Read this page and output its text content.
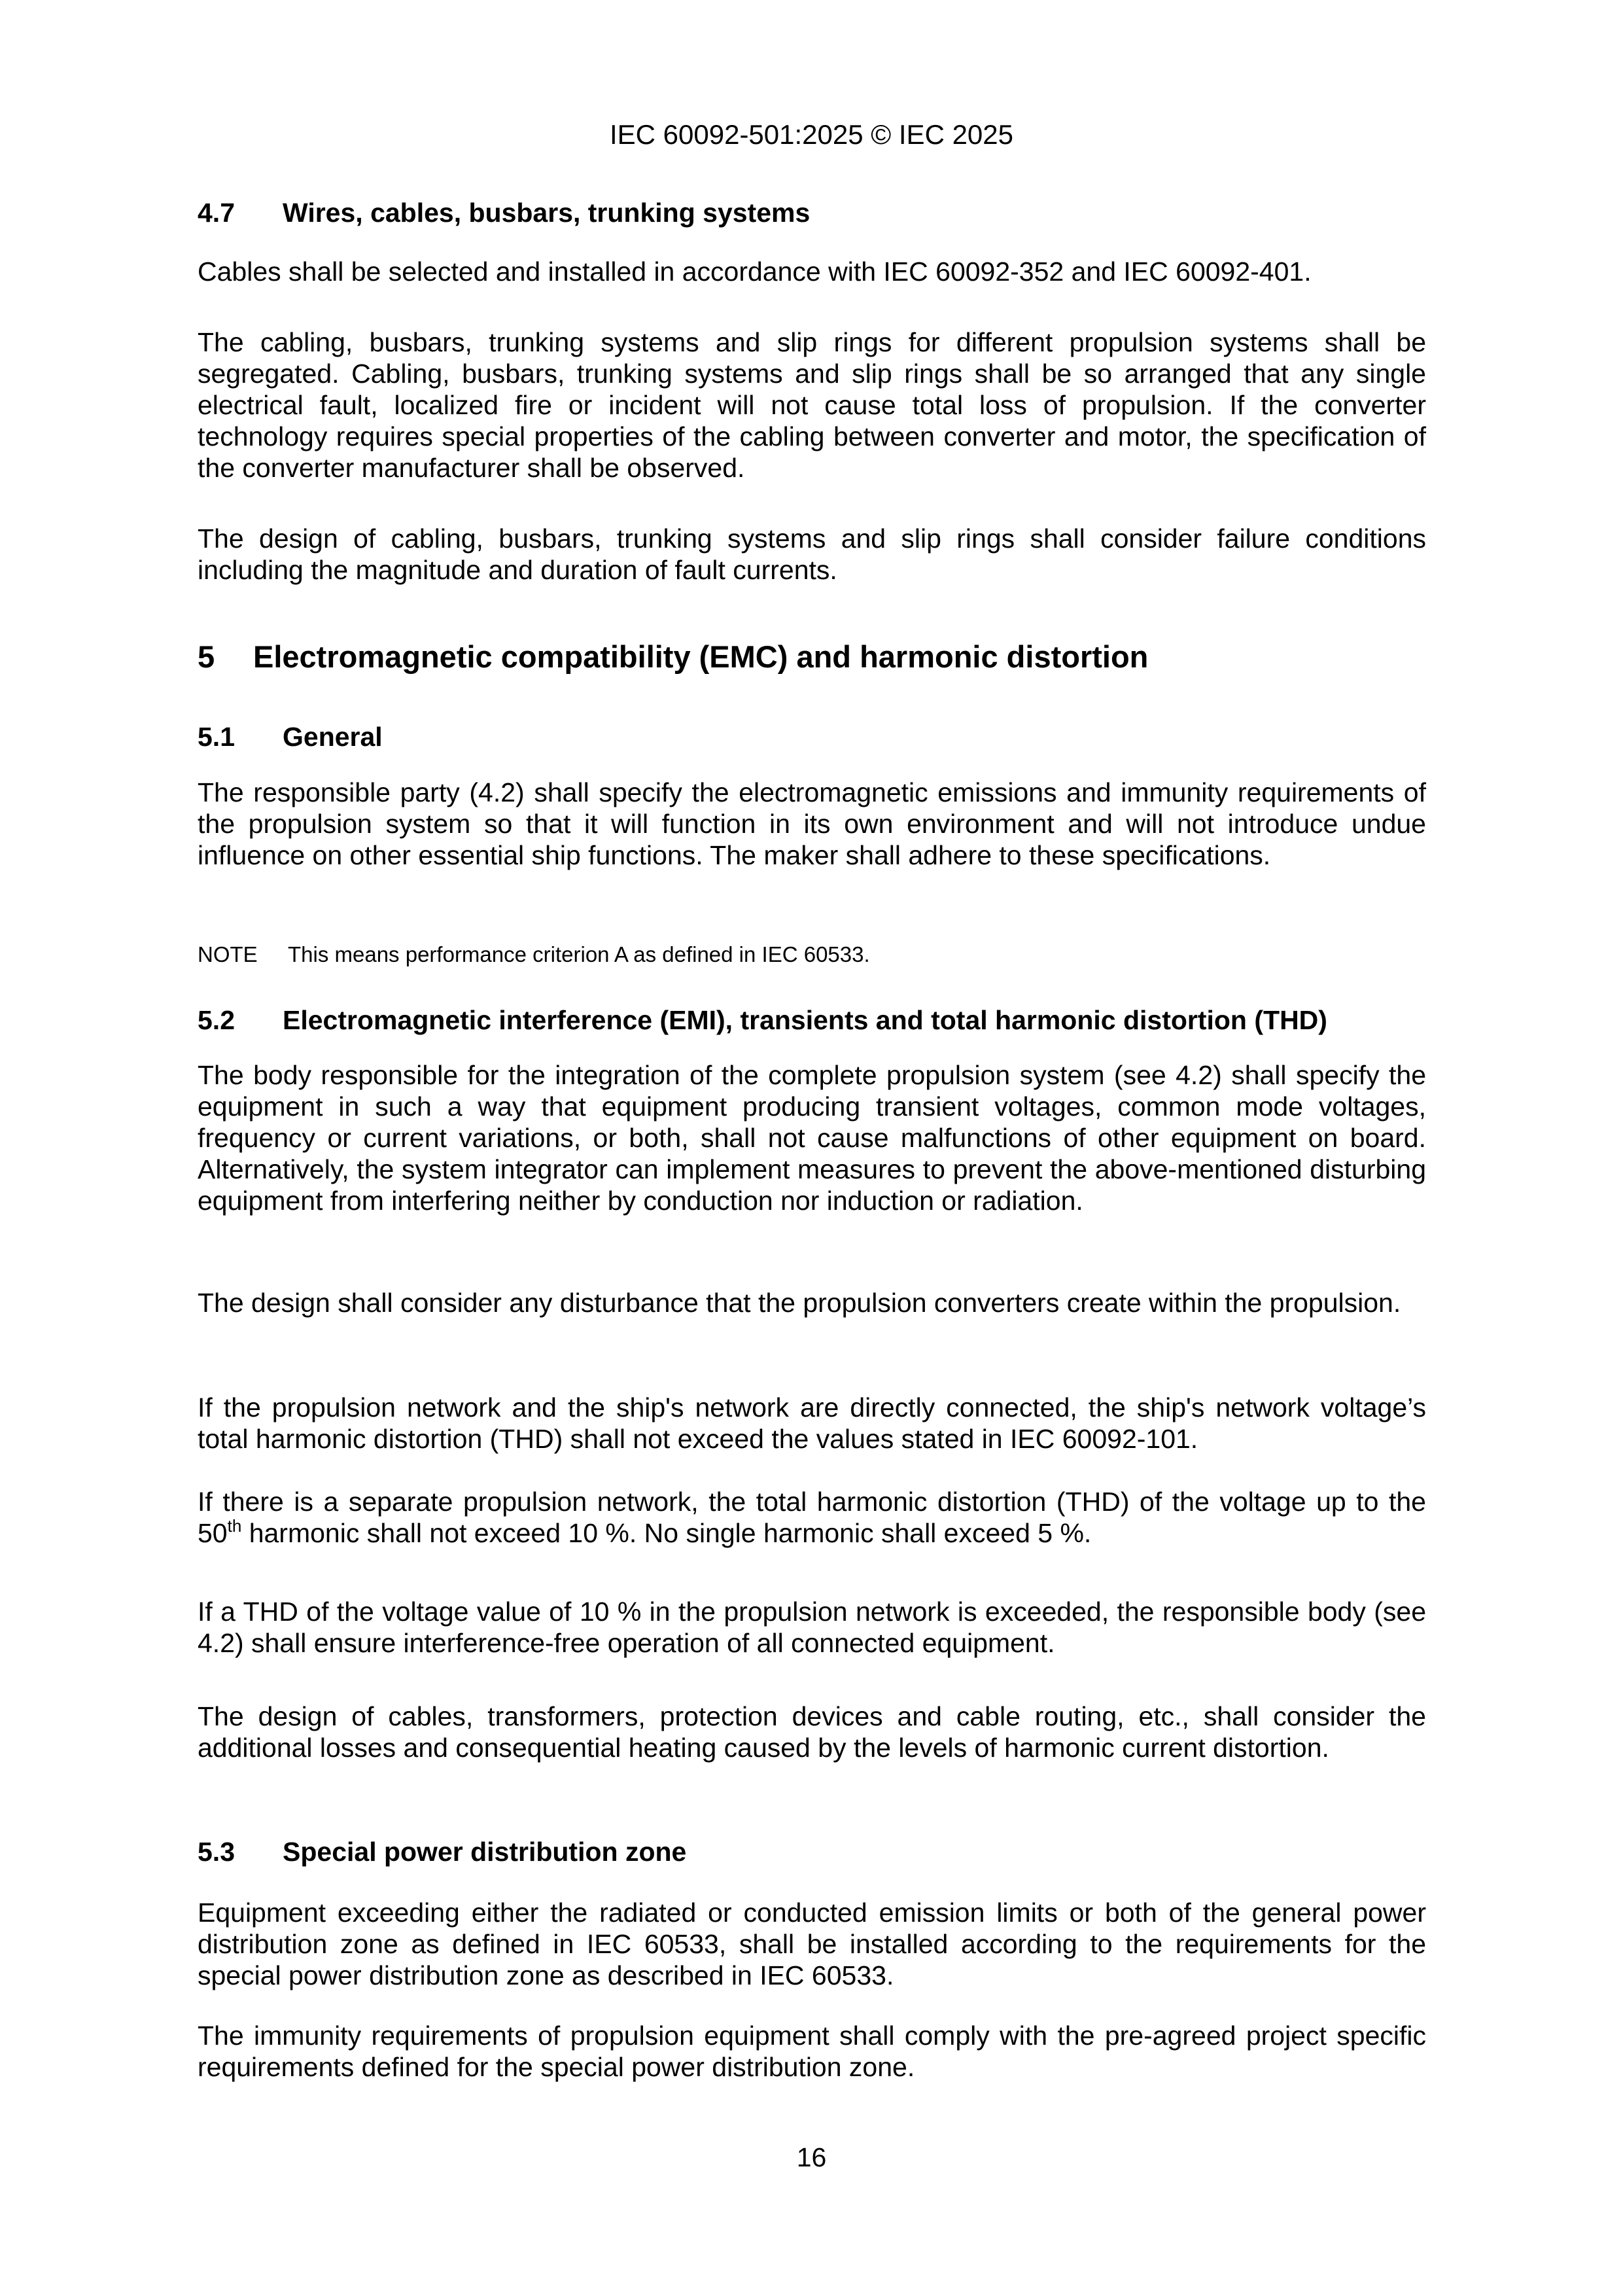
IEC 60092-501:2025 © IEC 2025
4.7 Wires, cables, busbars, trunking systems

Cables shall be selected and installed in accordance with IEC 60092-352 and IEC 60092-401.

The cabling, busbars, trunking systems and slip rings for different propulsion systems shall be segregated. Cabling, busbars, trunking systems and slip rings shall be so arranged that any single electrical fault, localized fire or incident will not cause total loss of propulsion. If the converter technology requires special properties of the cabling between converter and motor, the specification of the converter manufacturer shall be observed.

The design of cabling, busbars, trunking systems and slip rings shall consider failure conditions including the magnitude and duration of fault currents.

5 Electromagnetic compatibility (EMC) and harmonic distortion
5.1 General

The responsible party (4.2) shall specify the electromagnetic emissions and immunity requirements of the propulsion system so that it will function in its own environment and will not introduce undue influence on other essential ship functions. The maker shall adhere to these specifications.

NOTE This means performance criterion A as defined in IEC 60533.
5.2 Electromagnetic interference (EMI), transients and total harmonic distortion (THD)

The body responsible for the integration of the complete propulsion system (see 4.2) shall specify the equipment in such a way that equipment producing transient voltages, common mode voltages, frequency or current variations, or both, shall not cause malfunctions of other equipment on board. Alternatively, the system integrator can implement measures to prevent the above-mentioned disturbing equipment from interfering neither by conduction nor induction or radiation.

The design shall consider any disturbance that the propulsion converters create within the propulsion.

If the propulsion network and the ship's network are directly connected, the ship's network voltage’s total harmonic distortion (THD) shall not exceed the values stated in IEC 60092-101.

If there is a separate propulsion network, the total harmonic distortion (THD) of the voltage up to the 50th harmonic shall not exceed 10 %. No single harmonic shall exceed 5 %.

If a THD of the voltage value of 10 % in the propulsion network is exceeded, the responsible body (see 4.2) shall ensure interference-free operation of all connected equipment.

The design of cables, transformers, protection devices and cable routing, etc., shall consider the additional losses and consequential heating caused by the levels of harmonic current distortion.

5.3 Special power distribution zone

Equipment exceeding either the radiated or conducted emission limits or both of the general power distribution zone as defined in IEC 60533, shall be installed according to the requirements for the special power distribution zone as described in IEC 60533.

The immunity requirements of propulsion equipment shall comply with the pre-agreed project specific requirements defined for the special power distribution zone.

16
